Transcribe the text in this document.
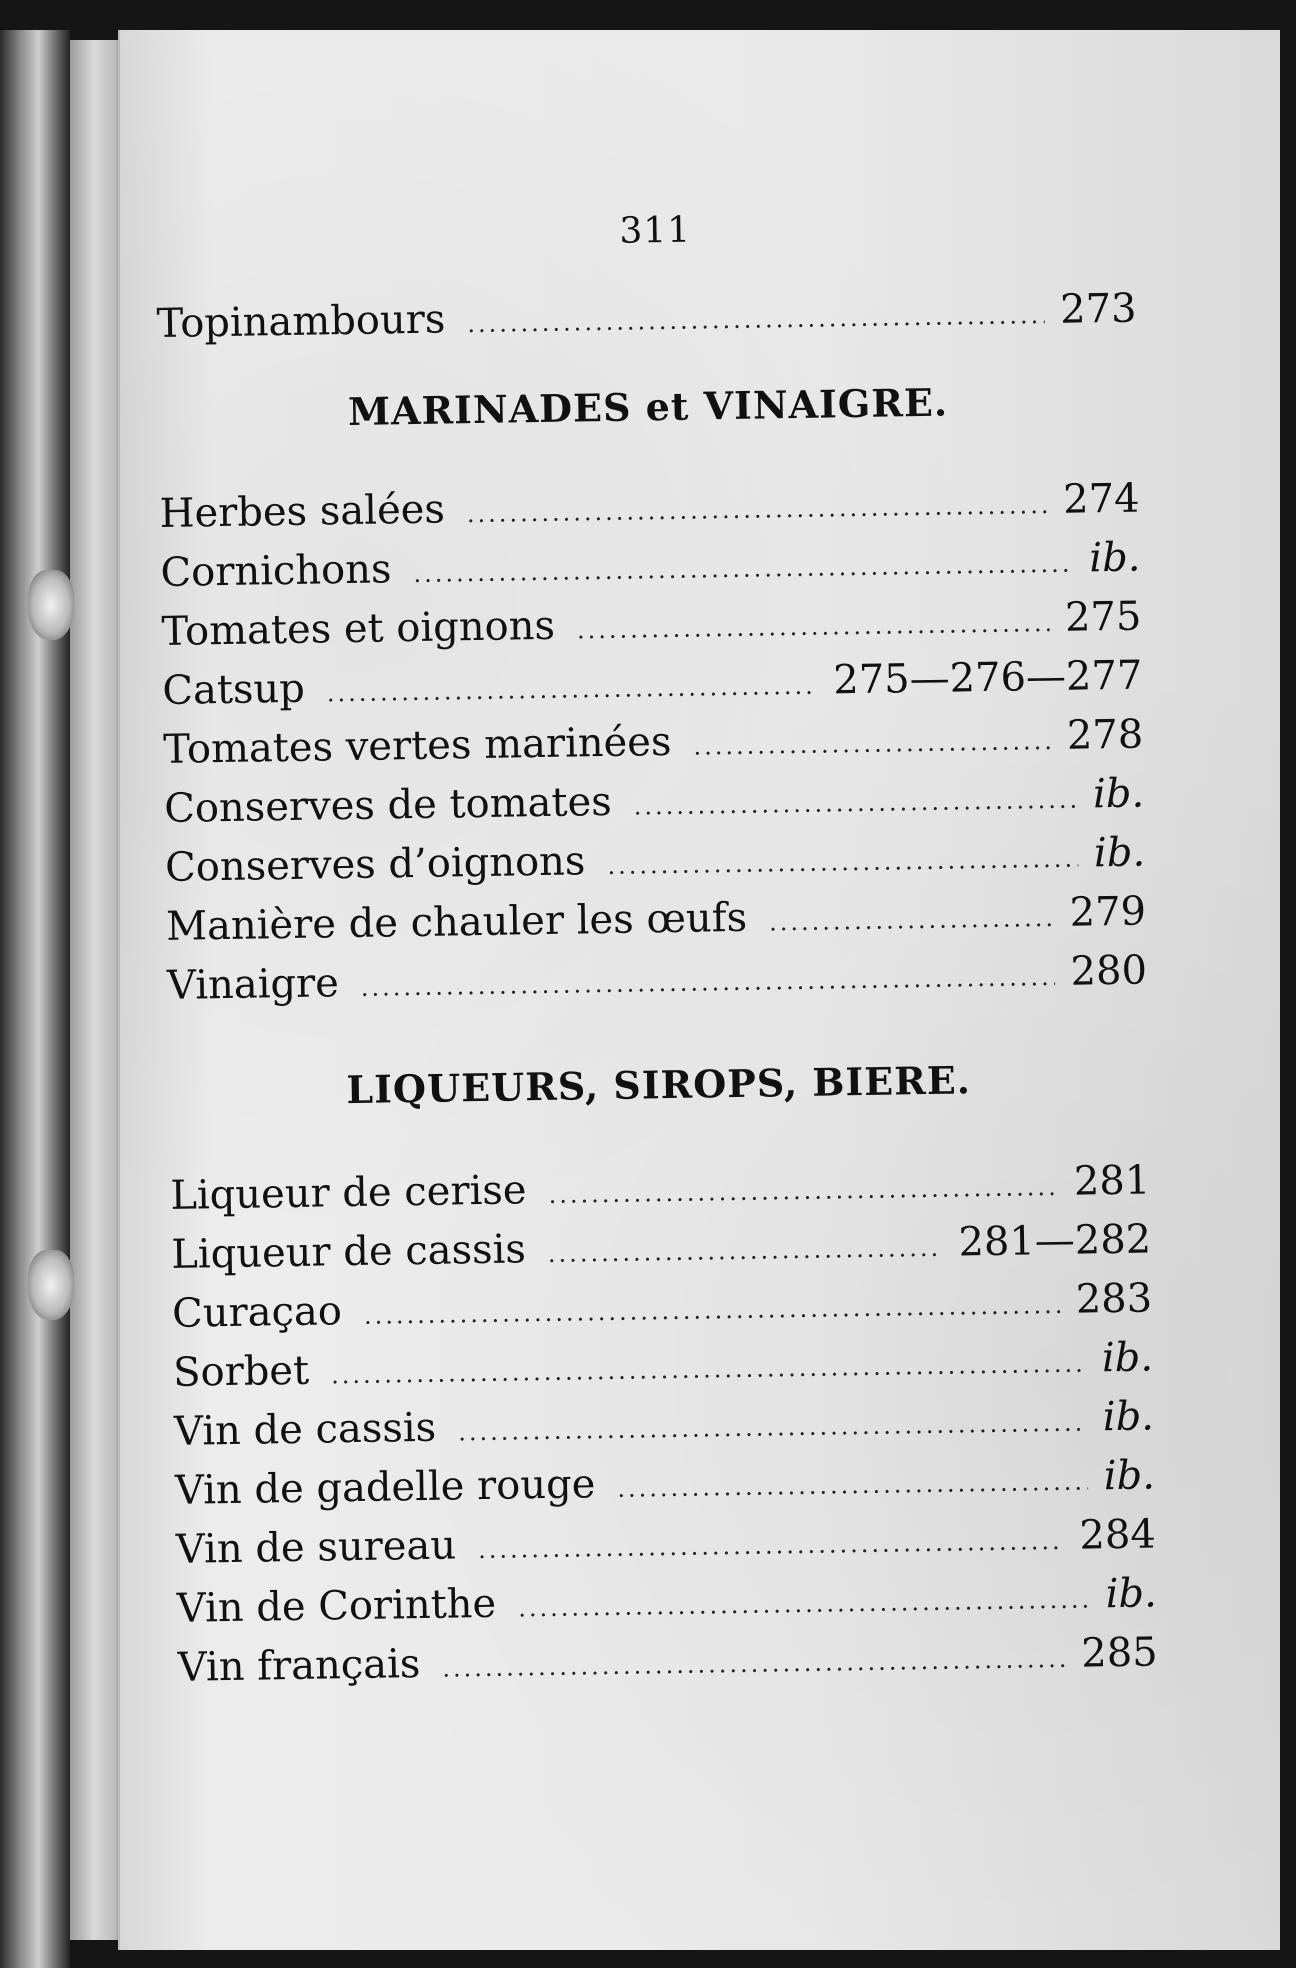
311
Topinambours .....	273
MARINADES et VINAIGRE.
Herbes salées .....	274
Cornichons .....	ib.
Tomates et oignons .....	275
Catsup .....	275—276—277
Tomates vertes marinées .....	278
Conserves de tomates .....	ib.
Conserves d’oignons .....	ib.
Manière de chauler les œufs .....	279
Vinaigre .....	280
LIQUEURS, SIROPS, BIERE.
Liqueur de cerise .....	281
Liqueur de cassis .....	281—282
Curaçao .....	283
Sorbet .....	ib.
Vin de cassis .....	ib.
Vin de gadelle rouge .....	ib.
Vin de sureau .....	284
Vin de Corinthe .....	ib.
Vin français .....	285
